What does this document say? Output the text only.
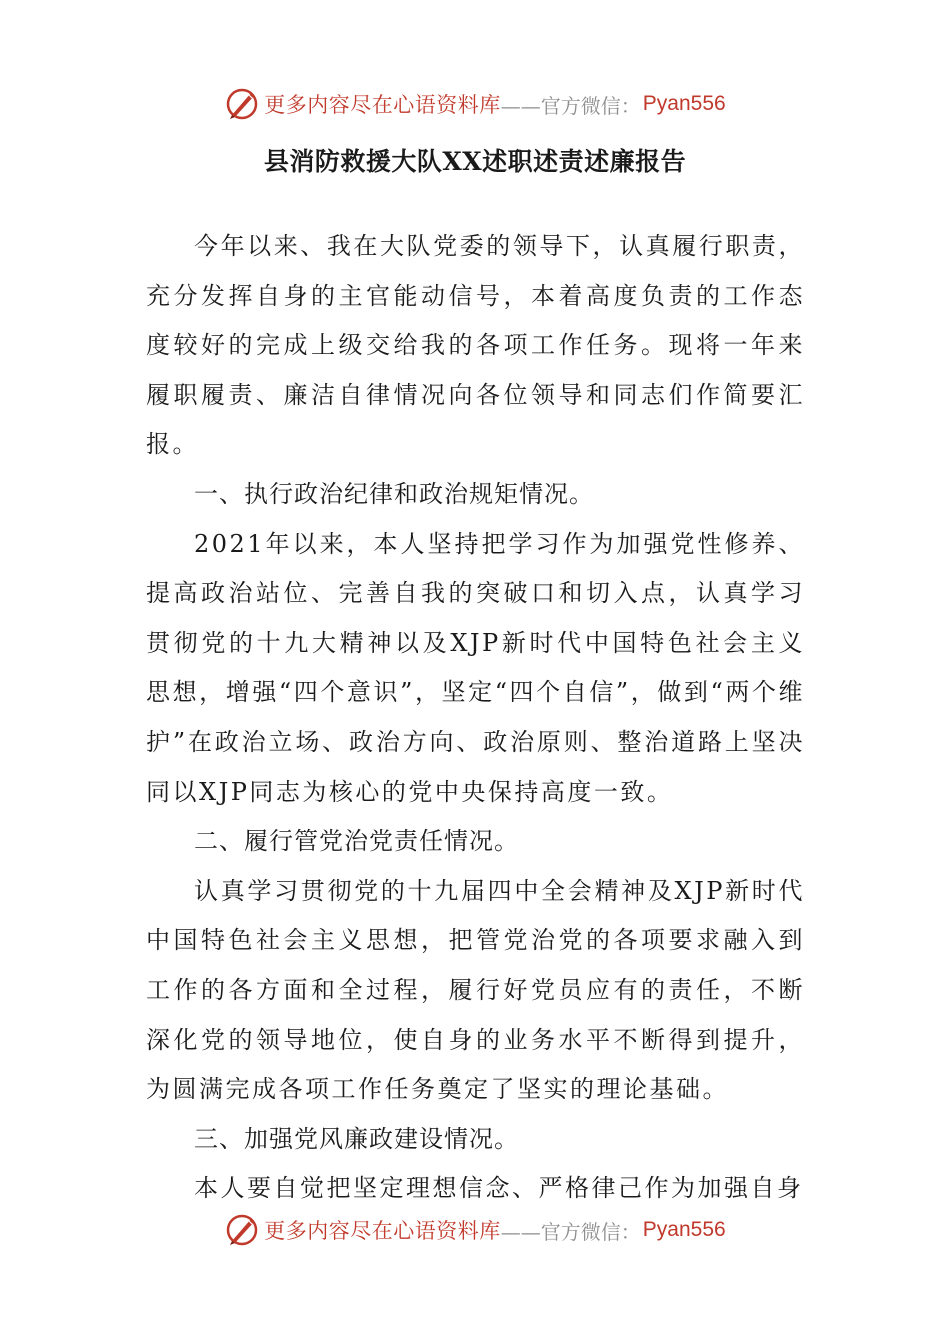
更多内容尽在心语资料库 ——官方微信： Pyan556
县消防救援大队XX述职述责述廉报告

今年以来、我在大队党委的领导下，认真履行职责，充分发挥自身的主官能动信号，本着高度负责的工作态度较好的完成上级交给我的各项工作任务。现将一年来履职履责、廉洁自律情况向各位领导和同志们作简要汇报。

一、执行政治纪律和政治规矩情况。

2021年以来，本人坚持把学习作为加强党性修养、提高政治站位、完善自我的突破口和切入点，认真学习贯彻党的十九大精神以及XJP新时代中国特色社会主义思想，增强“四个意识”，坚定“四个自信”，做到“两个维护”在政治立场、政治方向、政治原则、整治道路上坚决同以XJP同志为核心的党中央保持高度一致。

二、履行管党治党责任情况。

认真学习贯彻党的十九届四中全会精神及XJP新时代中国特色社会主义思想，把管党治党的各项要求融入到工作的各方面和全过程，履行好党员应有的责任，不断深化党的领导地位，使自身的业务水平不断得到提升，为圆满完成各项工作任务奠定了坚实的理论基础。

三、加强党风廉政建设情况。

本人要自觉把坚定理想信念、严格律己作为加强自身

更多内容尽在心语资料库 ——官方微信： Pyan556
